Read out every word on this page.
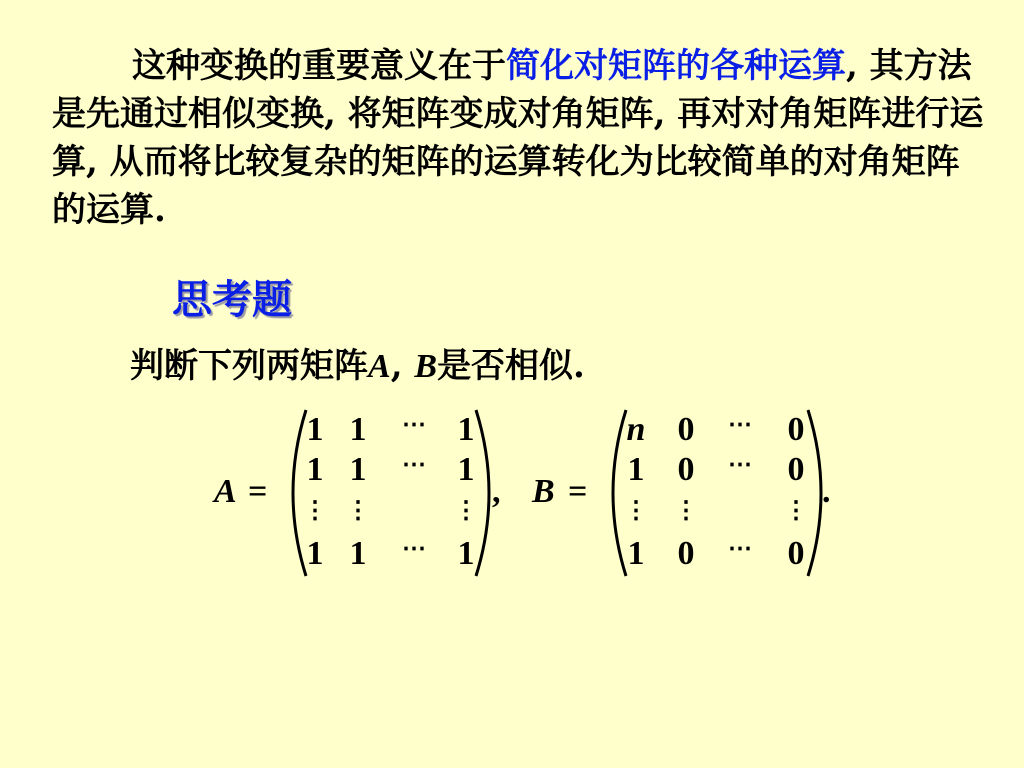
这种变换的重要意义在于简化对矩阵的各种运算, 其方法是先通过相似变换, 将矩阵变成对角矩阵, 再对对角矩阵进行运算, 从而将比较复杂的矩阵的运算转化为比较简单的对角矩阵的运算.

思考题

判断下列两矩阵A, B是否相似.

A =
1 1 ⋯ 1
1 1 ⋯ 1
⋮ ⋮	⋮
1 1 ⋯ 1
, B =
n 0 ⋯ 0
1 0 ⋯ 0
⋮ ⋮	⋮
1 0 ⋯ 0
.
